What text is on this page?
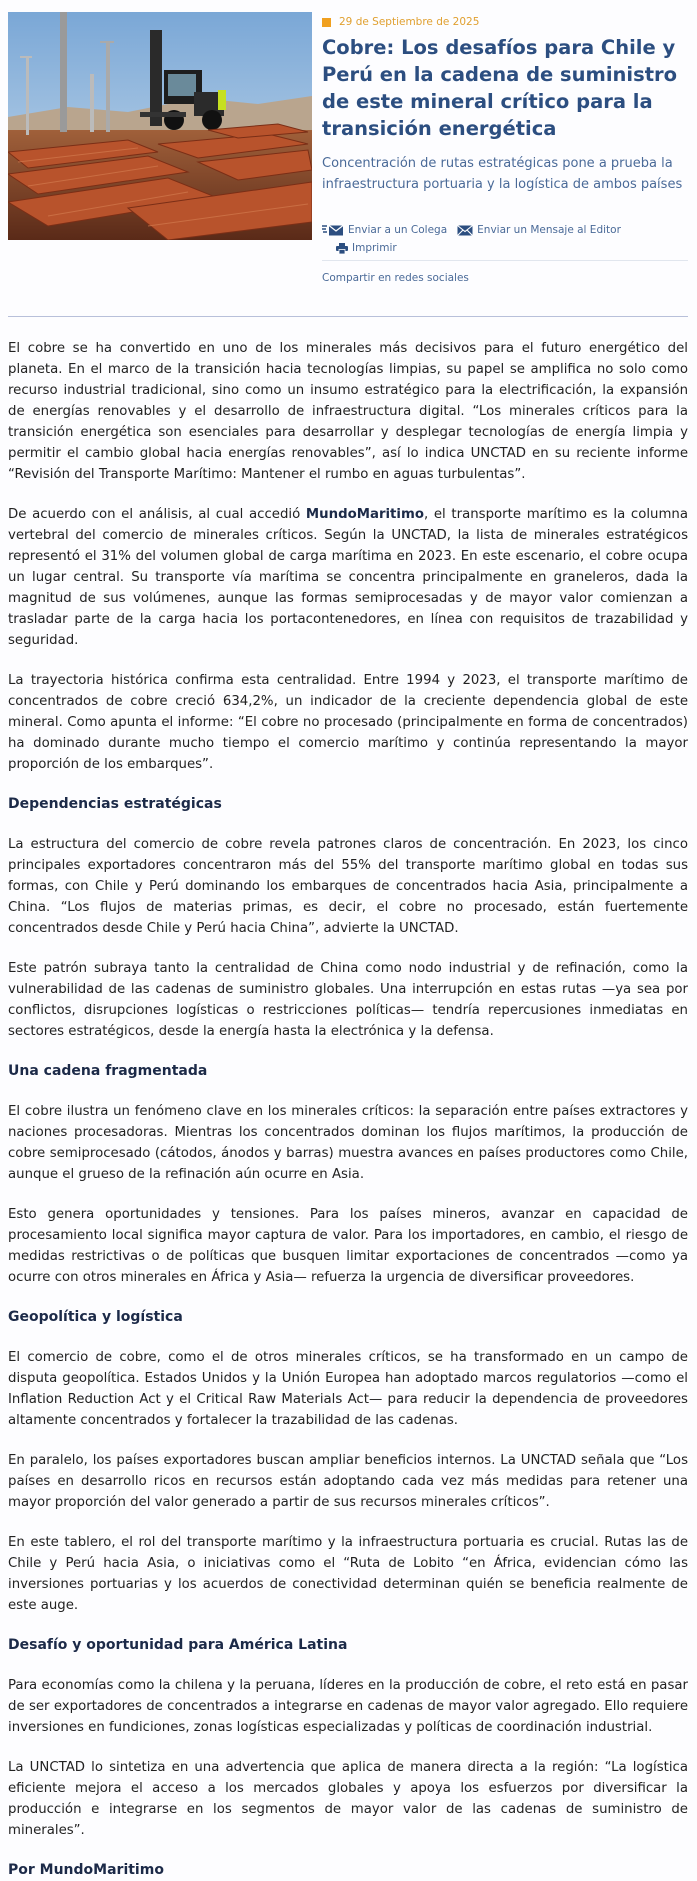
29 de Septiembre de 2025
Cobre: Los desafíos para Chile y Perú en la cadena de suministro de este mineral crítico para la transición energética
Concentración de rutas estratégicas pone a prueba la infraestructura portuaria y la logística de ambos países
Enviar a un Colega	Enviar un Mensaje al Editor
Imprimir
Compartir en redes sociales

El cobre se ha convertido en uno de los minerales más decisivos para el futuro energético del planeta. En el marco de la transición hacia tecnologías limpias, su papel se amplifica no solo como recurso industrial tradicional, sino como un insumo estratégico para la electrificación, la expansión de energías renovables y el desarrollo de infraestructura digital. “Los minerales críticos para la transición energética son esenciales para desarrollar y desplegar tecnologías de energía limpia y permitir el cambio global hacia energías renovables”, así lo indica UNCTAD en su reciente informe “Revisión del Transporte Marítimo: Mantener el rumbo en aguas turbulentas”.

De acuerdo con el análisis, al cual accedió MundoMaritimo, el transporte marítimo es la columna vertebral del comercio de minerales críticos. Según la UNCTAD, la lista de minerales estratégicos representó el 31% del volumen global de carga marítima en 2023. En este escenario, el cobre ocupa un lugar central. Su transporte vía marítima se concentra principalmente en graneleros, dada la magnitud de sus volúmenes, aunque las formas semiprocesadas y de mayor valor comienzan a trasladar parte de la carga hacia los portacontenedores, en línea con requisitos de trazabilidad y seguridad.

La trayectoria histórica confirma esta centralidad. Entre 1994 y 2023, el transporte marítimo de concentrados de cobre creció 634,2%, un indicador de la creciente dependencia global de este mineral. Como apunta el informe: “El cobre no procesado (principalmente en forma de concentrados) ha dominado durante mucho tiempo el comercio marítimo y continúa representando la mayor proporción de los embarques”.

Dependencias estratégicas

La estructura del comercio de cobre revela patrones claros de concentración. En 2023, los cinco principales exportadores concentraron más del 55% del transporte marítimo global en todas sus formas, con Chile y Perú dominando los embarques de concentrados hacia Asia, principalmente a China. “Los flujos de materias primas, es decir, el cobre no procesado, están fuertemente concentrados desde Chile y Perú hacia China”, advierte la UNCTAD.

Este patrón subraya tanto la centralidad de China como nodo industrial y de refinación, como la vulnerabilidad de las cadenas de suministro globales. Una interrupción en estas rutas —ya sea por conflictos, disrupciones logísticas o restricciones políticas— tendría repercusiones inmediatas en sectores estratégicos, desde la energía hasta la electrónica y la defensa.

Una cadena fragmentada

El cobre ilustra un fenómeno clave en los minerales críticos: la separación entre países extractores y naciones procesadoras. Mientras los concentrados dominan los flujos marítimos, la producción de cobre semiprocesado (cátodos, ánodos y barras) muestra avances en países productores como Chile, aunque el grueso de la refinación aún ocurre en Asia.

Esto genera oportunidades y tensiones. Para los países mineros, avanzar en capacidad de procesamiento local significa mayor captura de valor. Para los importadores, en cambio, el riesgo de medidas restrictivas o de políticas que busquen limitar exportaciones de concentrados —como ya ocurre con otros minerales en África y Asia— refuerza la urgencia de diversificar proveedores.

Geopolítica y logística

El comercio de cobre, como el de otros minerales críticos, se ha transformado en un campo de disputa geopolítica. Estados Unidos y la Unión Europea han adoptado marcos regulatorios —como el Inflation Reduction Act y el Critical Raw Materials Act— para reducir la dependencia de proveedores altamente concentrados y fortalecer la trazabilidad de las cadenas.

En paralelo, los países exportadores buscan ampliar beneficios internos. La UNCTAD señala que “Los países en desarrollo ricos en recursos están adoptando cada vez más medidas para retener una mayor proporción del valor generado a partir de sus recursos minerales críticos”.

En este tablero, el rol del transporte marítimo y la infraestructura portuaria es crucial. Rutas las de Chile y Perú hacia Asia, o iniciativas como el “Ruta de Lobito “en África, evidencian cómo las inversiones portuarias y los acuerdos de conectividad determinan quién se beneficia realmente de este auge.

Desafío y oportunidad para América Latina

Para economías como la chilena y la peruana, líderes en la producción de cobre, el reto está en pasar de ser exportadores de concentrados a integrarse en cadenas de mayor valor agregado. Ello requiere inversiones en fundiciones, zonas logísticas especializadas y políticas de coordinación industrial.

La UNCTAD lo sintetiza en una advertencia que aplica de manera directa a la región: “La logística eficiente mejora el acceso a los mercados globales y apoya los esfuerzos por diversificar la producción e integrarse en los segmentos de mayor valor de las cadenas de suministro de minerales”.

Por MundoMaritimo
